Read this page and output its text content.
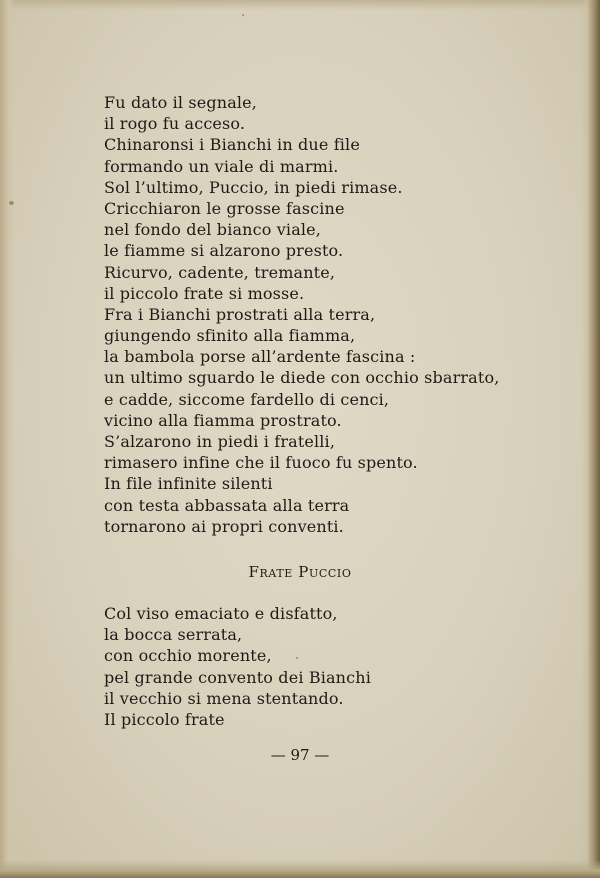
Fu dato il segnale,
il rogo fu acceso.
Chinaronsi i Bianchi in due file
formando un viale di marmi.
Sol l’ultimo, Puccio, in piedi rimase.
Cricchiaron le grosse fascine
nel fondo del bianco viale,
le fiamme si alzarono presto.
Ricurvo, cadente, tremante,
il piccolo frate si mosse.
Fra i Bianchi prostrati alla terra,
giungendo sfinito alla fiamma,
la bambola porse all’ardente fascina :
un ultimo sguardo le diede con occhio sbarrato,
e cadde, siccome fardello di cenci,
vicino alla fiamma prostrato.
S’alzarono in piedi i fratelli,
rimasero infine che il fuoco fu spento.
In file infinite silenti
con testa abbassata alla terra
tornarono ai propri conventi.
Frate Puccio
Col viso emaciato e disfatto,
la bocca serrata,
con occhio morente,
pel grande convento dei Bianchi
il vecchio si mena stentando.
Il piccolo frate
— 97 —
